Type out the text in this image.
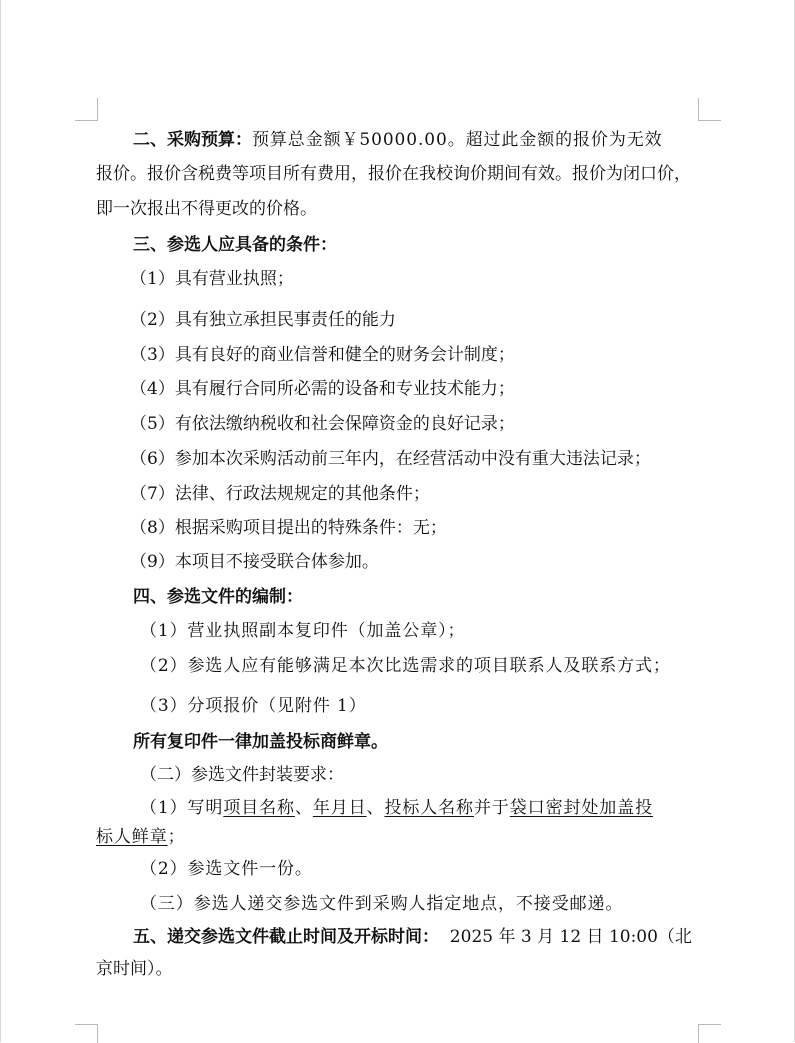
二、采购预算：预算总金额￥50000.00。超过此金额的报价为无效
报价。报价含税费等项目所有费用，报价在我校询价期间有效。报价为闭口价，
即一次报出不得更改的价格。
三、参选人应具备的条件：
（1）具有营业执照；
（2）具有独立承担民事责任的能力
（3）具有良好的商业信誉和健全的财务会计制度；
（4）具有履行合同所必需的设备和专业技术能力；
（5）有依法缴纳税收和社会保障资金的良好记录；
（6）参加本次采购活动前三年内，在经营活动中没有重大违法记录；
（7）法律、行政法规规定的其他条件；
（8）根据采购项目提出的特殊条件：无；
（9）本项目不接受联合体参加。
四、参选文件的编制：
（1）营业执照副本复印件（加盖公章）；
（2）参选人应有能够满足本次比选需求的项目联系人及联系方式；
（3）分项报价（见附件 1）
所有复印件一律加盖投标商鲜章。
（二）参选文件封装要求：
（1）写明项目名称、年月日、投标人名称并于袋口密封处加盖投
标人鲜章；
（2）参选文件一份。
（三）参选人递交参选文件到采购人指定地点，不接受邮递。
五、递交参选文件截止时间及开标时间：  2025 年 3 月 12 日 10:00（北
京时间）。
